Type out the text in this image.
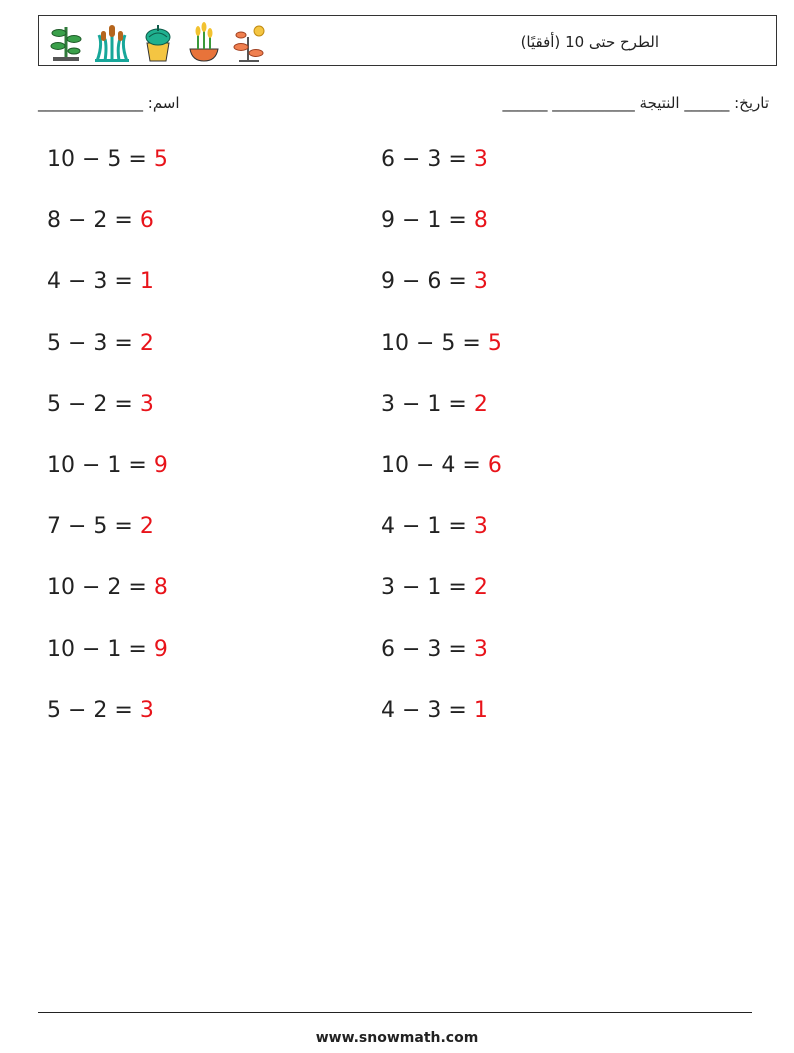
الطرح حتى 10 (أفقيًا)
اسم: ______________	تاريخ: ______ النتيجة ___________ ______
10 − 5 = 5
8 − 2 = 6
4 − 3 = 1
5 − 3 = 2
5 − 2 = 3
10 − 1 = 9
7 − 5 = 2
10 − 2 = 8
10 − 1 = 9
5 − 2 = 3
6 − 3 = 3
9 − 1 = 8
9 − 6 = 3
10 − 5 = 5
3 − 1 = 2
10 − 4 = 6
4 − 1 = 3
3 − 1 = 2
6 − 3 = 3
4 − 3 = 1
www.snowmath.com
